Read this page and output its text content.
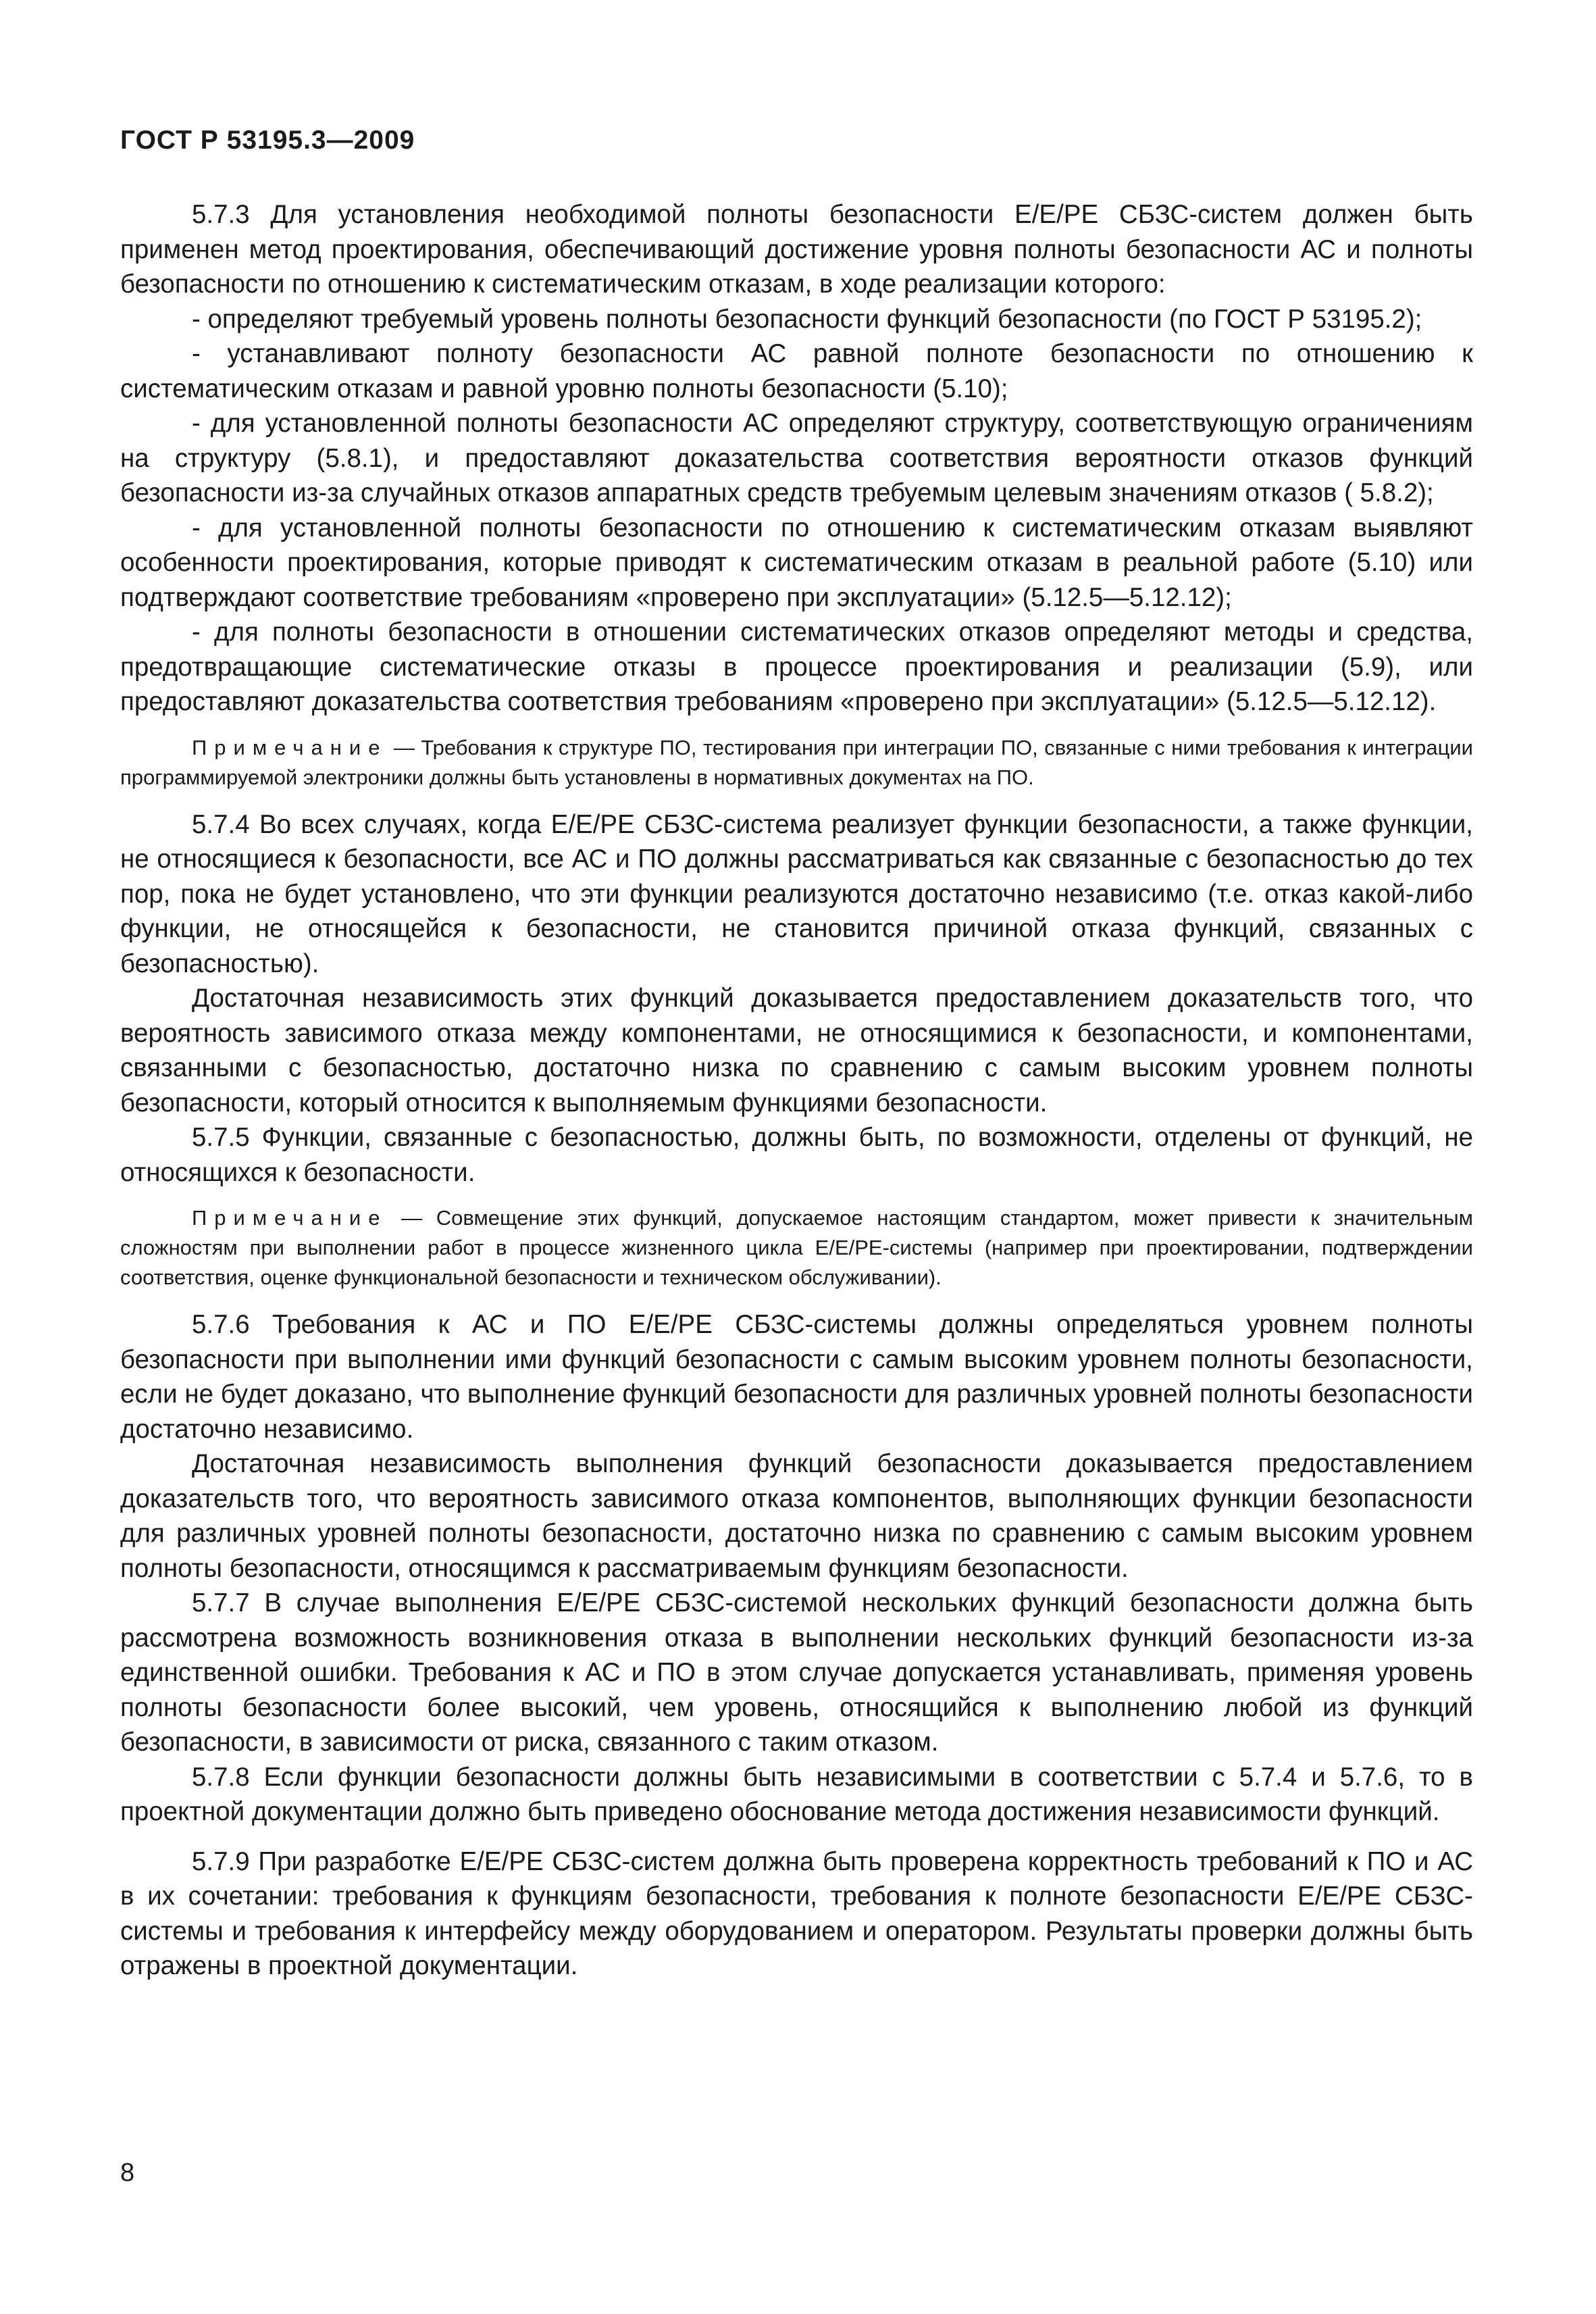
ГОСТ Р 53195.3—2009

5.7.3 Для установления необходимой полноты безопасности Е/Е/РЕ СБЗС-систем должен быть применен метод проектирования, обеспечивающий достижение уровня полноты безопасности АС и полноты безопасности по отношению к систематическим отказам, в ходе реализации которого:

- определяют требуемый уровень полноты безопасности функций безопасности (по ГОСТ Р 53195.2);

- устанавливают полноту безопасности АС равной полноте безопасности по отношению к систематическим отказам и равной уровню полноты безопасности (5.10);

- для установленной полноты безопасности АС определяют структуру, соответствующую ограничениям на структуру (5.8.1), и предоставляют доказательства соответствия вероятности отказов функций безопасности из-за случайных отказов аппаратных средств требуемым целевым значениям отказов ( 5.8.2);

- для установленной полноты безопасности по отношению к систематическим отказам выявляют особенности проектирования, которые приводят к систематическим отказам в реальной работе (5.10) или подтверждают соответствие требованиям «проверено при эксплуатации» (5.12.5—5.12.12);

- для полноты безопасности в отношении систематических отказов определяют методы и средства, предотвращающие систематические отказы в процессе проектирования и реализации (5.9), или предоставляют доказательства соответствия требованиям «проверено при эксплуатации» (5.12.5—5.12.12).

Примечание — Требования к структуре ПО, тестирования при интеграции ПО, связанные с ними требования к интеграции программируемой электроники должны быть установлены в нормативных документах на ПО.

5.7.4 Во всех случаях, когда Е/Е/РЕ СБЗС-система реализует функции безопасности, а также функции, не относящиеся к безопасности, все АС и ПО должны рассматриваться как связанные с безопасностью до тех пор, пока не будет установлено, что эти функции реализуются достаточно независимо (т.е. отказ какой-либо функции, не относящейся к безопасности, не становится причиной отказа функций, связанных с безопасностью).

Достаточная независимость этих функций доказывается предоставлением доказательств того, что вероятность зависимого отказа между компонентами, не относящимися к безопасности, и компонентами, связанными с безопасностью, достаточно низка по сравнению с самым высоким уровнем полноты безопасности, который относится к выполняемым функциями безопасности.

5.7.5 Функции, связанные с безопасностью, должны быть, по возможности, отделены от функций, не относящихся к безопасности.

Примечание — Совмещение этих функций, допускаемое настоящим стандартом, может привести к значительным сложностям при выполнении работ в процессе жизненного цикла Е/Е/РЕ-системы (например при проектировании, подтверждении соответствия, оценке функциональной безопасности и техническом обслуживании).

5.7.6 Требования к АС и ПО Е/Е/РЕ СБЗС-системы должны определяться уровнем полноты безопасности при выполнении ими функций безопасности с самым высоким уровнем полноты безопасности, если не будет доказано, что выполнение функций безопасности для различных уровней полноты безопасности достаточно независимо.

Достаточная независимость выполнения функций безопасности доказывается предоставлением доказательств того, что вероятность зависимого отказа компонентов, выполняющих функции безопасности для различных уровней полноты безопасности, достаточно низка по сравнению с самым высоким уровнем полноты безопасности, относящимся к рассматриваемым функциям безопасности.

5.7.7 В случае выполнения Е/Е/РЕ СБЗС-системой нескольких функций безопасности должна быть рассмотрена возможность возникновения отказа в выполнении нескольких функций безопасности из-за единственной ошибки. Требования к АС и ПО в этом случае допускается устанавливать, применяя уровень полноты безопасности более высокий, чем уровень, относящийся к выполнению любой из функций безопасности, в зависимости от риска, связанного с таким отказом.

5.7.8 Если функции безопасности должны быть независимыми в соответствии с 5.7.4 и 5.7.6, то в проектной документации должно быть приведено обоснование метода достижения независимости функций.

5.7.9 При разработке Е/Е/РЕ СБЗС-систем должна быть проверена корректность требований к ПО и АС в их сочетании: требования к функциям безопасности, требования к полноте безопасности Е/Е/РЕ СБЗС-системы и требования к интерфейсу между оборудованием и оператором. Результаты проверки должны быть отражены в проектной документации.

8
